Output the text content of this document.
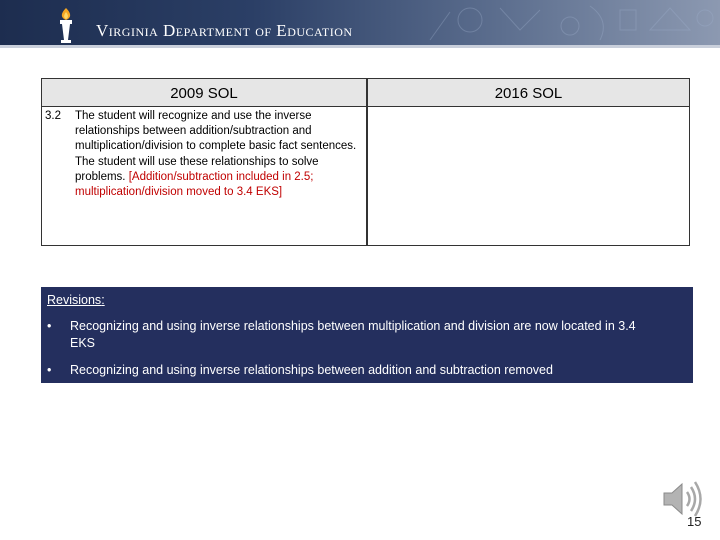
Virginia Department of Education
2009 SOL	2016 SOL
3.2 The student will recognize and use the inverse relationships between addition/subtraction and multiplication/division to complete basic fact sentences. The student will use these relationships to solve problems. [Addition/subtraction included in 2.5; multiplication/division moved to 3.4 EKS]
Revisions:
• Recognizing and using inverse relationships between multiplication and division are now located in 3.4 EKS
• Recognizing and using inverse relationships between addition and subtraction removed
15
